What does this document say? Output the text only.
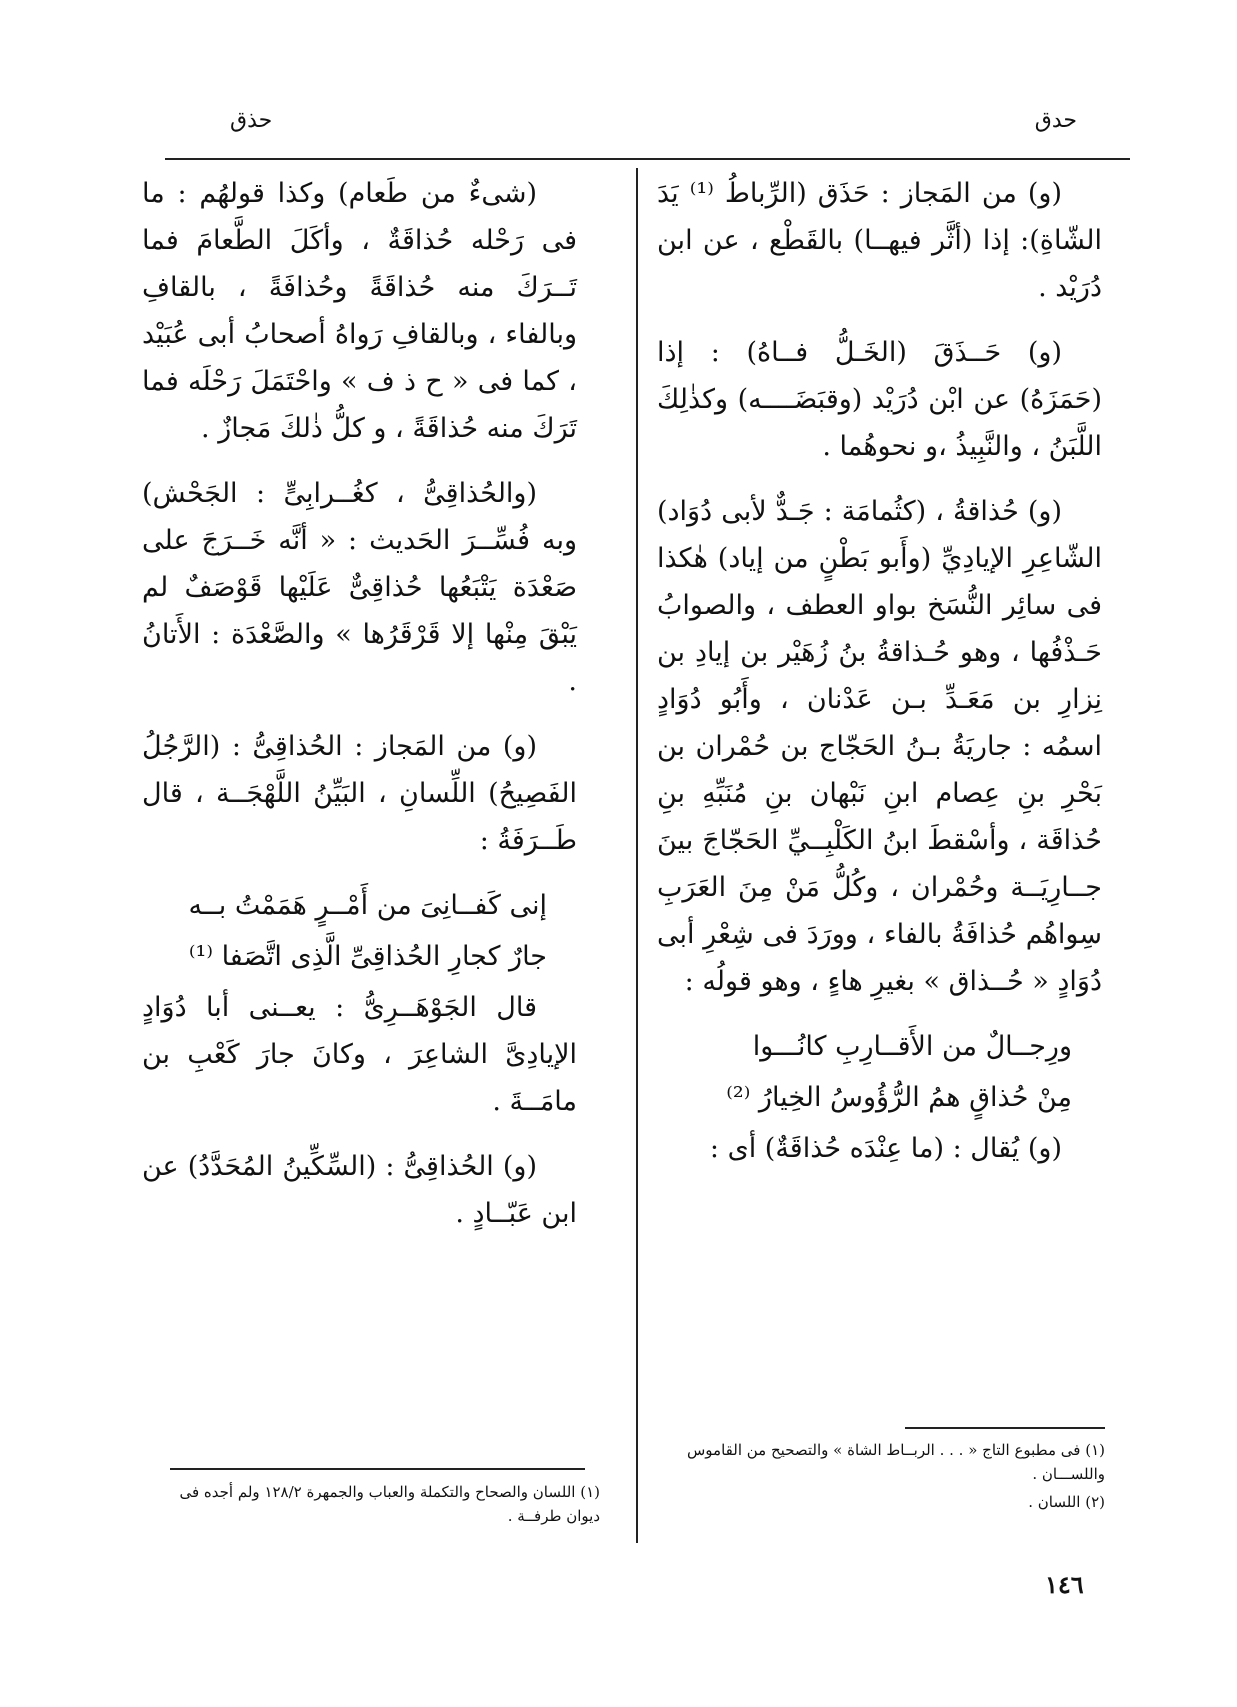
حدق
حذق

(و) من المَجاز : حَذَق (الرِّباطُ ⁽¹⁾ يَدَ الشّاةِ): إذا (أثَّر فيهــا) بالقَطْع ، عن ابن دُرَيْد .

(و) حَــذَقَ (الخَـلُّ فــاهُ) : إذا (حَمَزَهُ) عن ابْن دُرَيْد (وقبَضَــــه) وكذٰلِكَ اللَّبَنُ ، والنَّبِيذُ ،و نحوهُما .

(و) حُذاقةُ ، (كثُمامَة : جَـدٌّ لأبى دُوَاد) الشّاعِرِ الإيادِيِّ (وأَبو بَطْنٍ من إياد) هٰكذا فى سائِر النُّسَخ بواو العطف ، والصوابُ حَـذْفُها ، وهو حُـذاقةُ بنُ زُهَيْر بن إيادِ بن نِزارِ بن مَعَـدِّ بـن عَدْنان ، وأَبُو دُوَادٍ اسمُه : جاريَةُ بـنُ الحَجّاج بن حُمْران بن بَحْرِ بنِ عِصام ابنِ نَبْهان بنِ مُنَبِّهِ بنِ حُذاقَة ، وأسْقطَ ابنُ الكَلْبِــيِّ الحَجّاجَ بينَ جــارِيَــة وحُمْران ، وكُلُّ مَنْ مِنَ العَرَبِ سِواهُم حُذافَةُ بالفاء ، وورَدَ فى شِعْرِ أبى دُوَادٍ « حُــذاق » بغيرِ هاءٍ ، وهو قولُه :

ورِجــالٌ من الأَقــارِبِ كانُـــوا

مِنْ حُذاقٍ همُ الرُّؤُوسُ الخِيارُ ⁽²⁾

(و) يُقال : (ما عِنْدَه حُذاقَةٌ) أى :

(شىءٌ من طَعام) وكذا قولهُم : ما فى رَحْله حُذاقَةٌ ، وأكَلَ الطَّعامَ فما تَــرَكَ منه حُذاقَةً وحُذافَةً ، بالقافِ وبالفاء ، وبالقافِ رَواهُ أصحابُ أبى عُبَيْد ، كما فى « ح ذ ف » واحْتَمَلَ رَحْلَه فما تَرَكَ منه حُذاقَةً ، و كلُّ ذٰلكَ مَجازٌ .

(والحُذاقِىُّ ، كغُــرابِىٍّ : الجَحْش) وبه فُسِّــرَ الحَديث : « أنَّه خَــرَجَ على صَعْدَة يَتْبَعُها حُذاقِىٌّ عَلَيْها قَوْصَفٌ لم يَبْقَ مِنْها إلا قَرْقَرُها » والصَّعْدَة : الأَتانُ .

(و) من المَجاز : الحُذاقِىُّ : (الرَّجُلُ الفَصِيحُ) اللِّسانِ ، البَيِّنُ اللَّهْجَــة ، قال طَــرَفَةُ :

إنى كَفــانِىَ من أَمْــرٍ هَمَمْتُ بــه

جارٌ كجارِ الحُذاقِىِّ الَّذِى اتَّصَفا ⁽¹⁾

قال الجَوْهَــرِىُّ : يعــنى أبا دُوَادٍ الإيادِىَّ الشاعِرَ ، وكانَ جارَ كَعْبِ بن مامَــةَ .

(و) الحُذاقِىُّ : (السِّكِّينُ المُحَدَّدُ) عن ابن عَبّــادٍ .

(١) فى مطبوع التاج « . . . الربــاط الشاة » والتصحيح من القاموس واللســـان .
(٢) اللسان .
(١) اللسان والصحاح والتكملة والعباب والجمهرة ١٢٨/٢ ولم أجده فى ديوان طرفــة .
١٤٦
